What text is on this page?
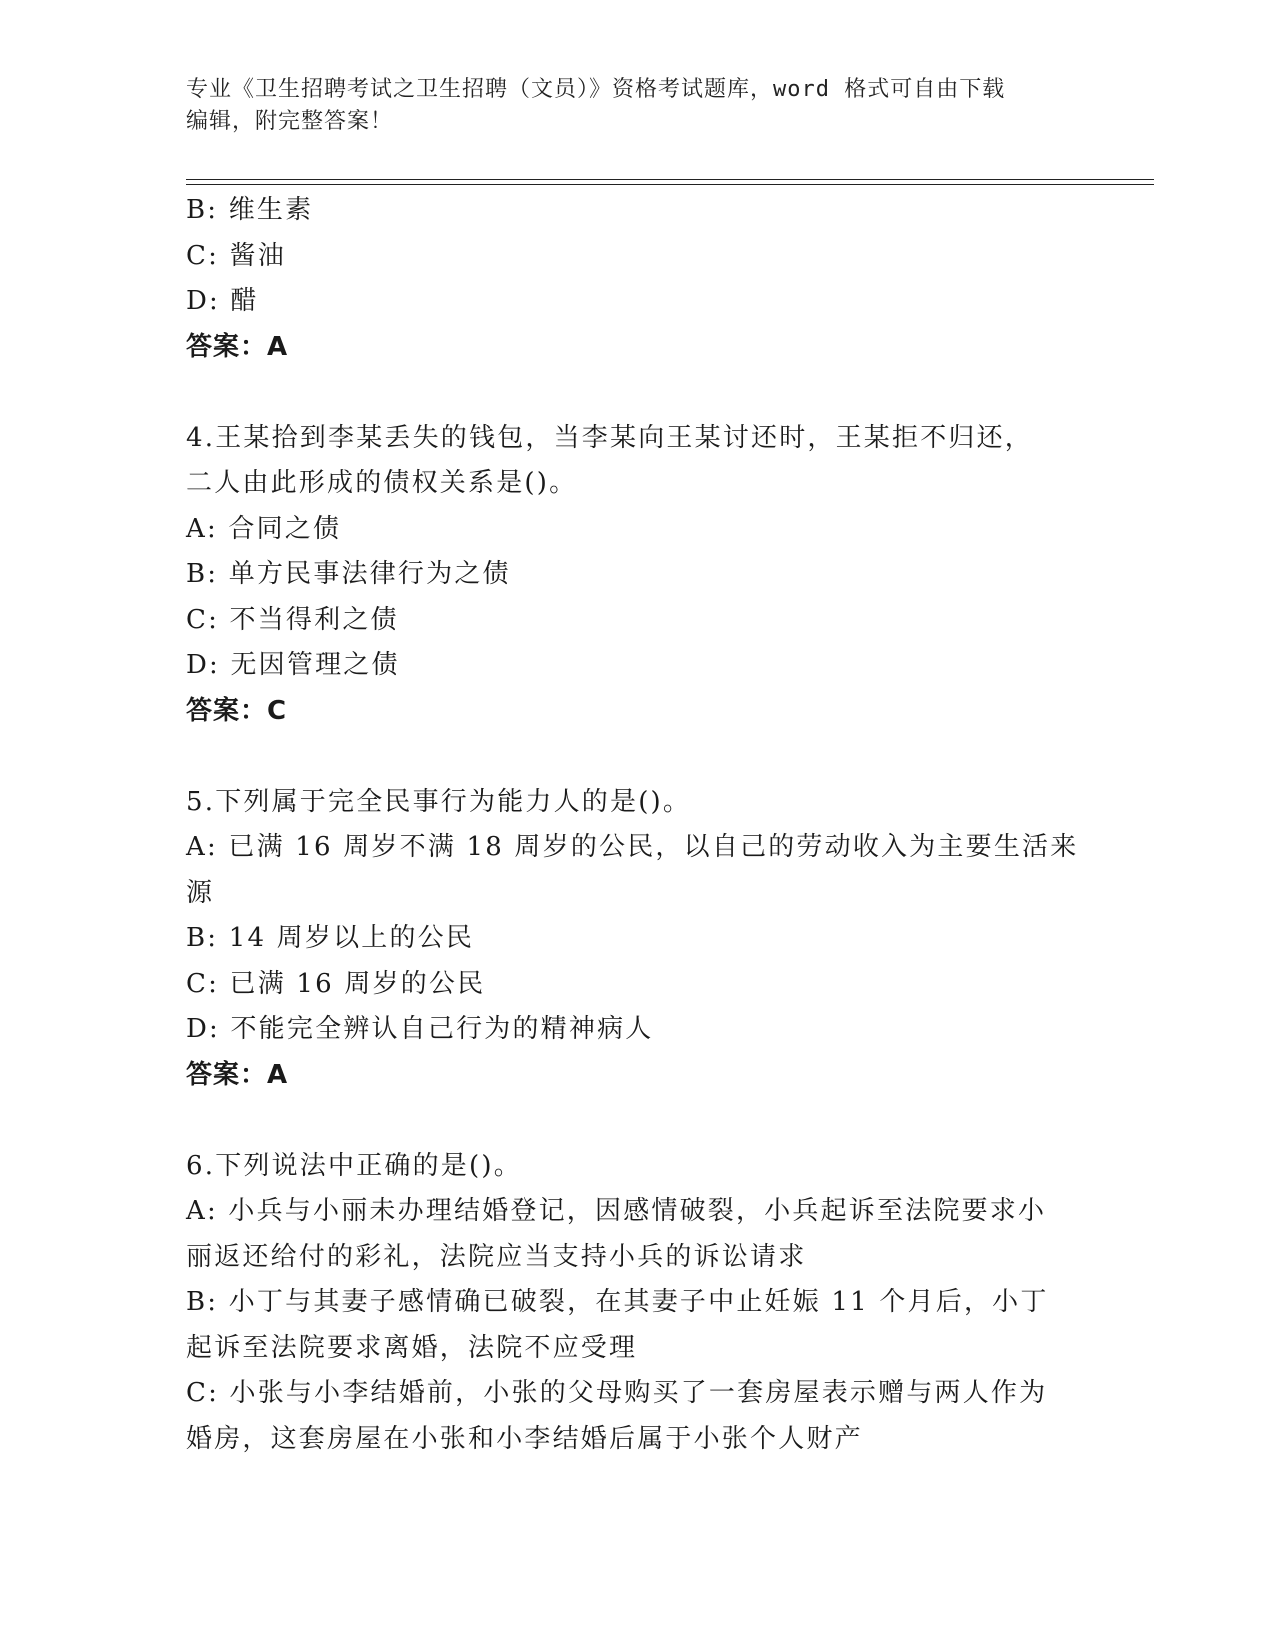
专业《卫生招聘考试之卫生招聘（文员）》资格考试题库，word 格式可自由下载
编辑，附完整答案！
B: 维生素
C: 酱油
D: 醋
答案：A
4.王某拾到李某丢失的钱包，当李某向王某讨还时，王某拒不归还，
二人由此形成的债权关系是()。
A: 合同之债
B: 单方民事法律行为之债
C: 不当得利之债
D: 无因管理之债
答案：C
5.下列属于完全民事行为能力人的是()。
A: 已满 16 周岁不满 18 周岁的公民，以自己的劳动收入为主要生活来
源
B: 14 周岁以上的公民
C: 已满 16 周岁的公民
D: 不能完全辨认自己行为的精神病人
答案：A
6.下列说法中正确的是()。
A: 小兵与小丽未办理结婚登记，因感情破裂，小兵起诉至法院要求小
丽返还给付的彩礼，法院应当支持小兵的诉讼请求
B: 小丁与其妻子感情确已破裂，在其妻子中止妊娠 11 个月后，小丁
起诉至法院要求离婚，法院不应受理
C: 小张与小李结婚前，小张的父母购买了一套房屋表示赠与两人作为
婚房，这套房屋在小张和小李结婚后属于小张个人财产
